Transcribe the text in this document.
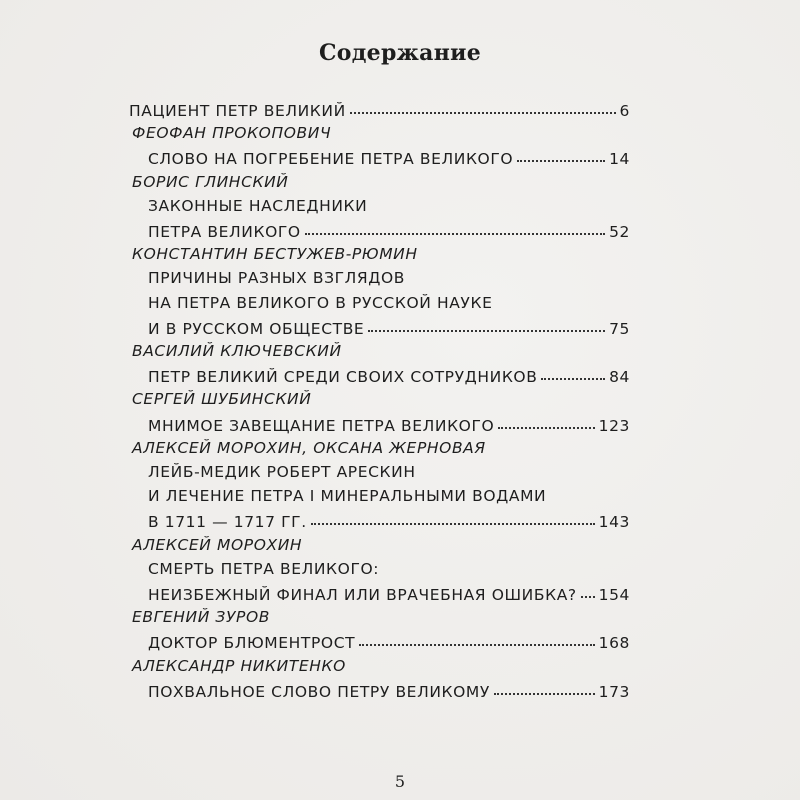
Содержание
ПАЦИЕНТ ПЕТР ВЕЛИКИЙ	6
ФЕОФАН ПРОКОПОВИЧ
СЛОВО НА ПОГРЕБЕНИЕ ПЕТРА ВЕЛИКОГО	14
БОРИС ГЛИНСКИЙ
ЗАКОННЫЕ НАСЛЕДНИКИ
ПЕТРА ВЕЛИКОГО	52
КОНСТАНТИН БЕСТУЖЕВ-РЮМИН
ПРИЧИНЫ РАЗНЫХ ВЗГЛЯДОВ
НА ПЕТРА ВЕЛИКОГО В РУССКОЙ НАУКЕ
И В РУССКОМ ОБЩЕСТВЕ	75
ВАСИЛИЙ КЛЮЧЕВСКИЙ
ПЕТР ВЕЛИКИЙ СРЕДИ СВОИХ СОТРУДНИКОВ	84
СЕРГЕЙ ШУБИНСКИЙ
МНИМОЕ ЗАВЕЩАНИЕ ПЕТРА ВЕЛИКОГО	123
АЛЕКСЕЙ МОРОХИН, ОКСАНА ЖЕРНОВАЯ
ЛЕЙБ-МЕДИК РОБЕРТ АРЕСКИН
И ЛЕЧЕНИЕ ПЕТРА I МИНЕРАЛЬНЫМИ ВОДАМИ
В 1711 — 1717 ГГ.	143
АЛЕКСЕЙ МОРОХИН
СМЕРТЬ ПЕТРА ВЕЛИКОГО:
НЕИЗБЕЖНЫЙ ФИНАЛ ИЛИ ВРАЧЕБНАЯ ОШИБКА? 154
ЕВГЕНИЙ ЗУРОВ
ДОКТОР БЛЮМЕНТРОСТ	168
АЛЕКСАНДР НИКИТЕНКО
ПОХВАЛЬНОЕ СЛОВО ПЕТРУ ВЕЛИКОМУ	173
5
